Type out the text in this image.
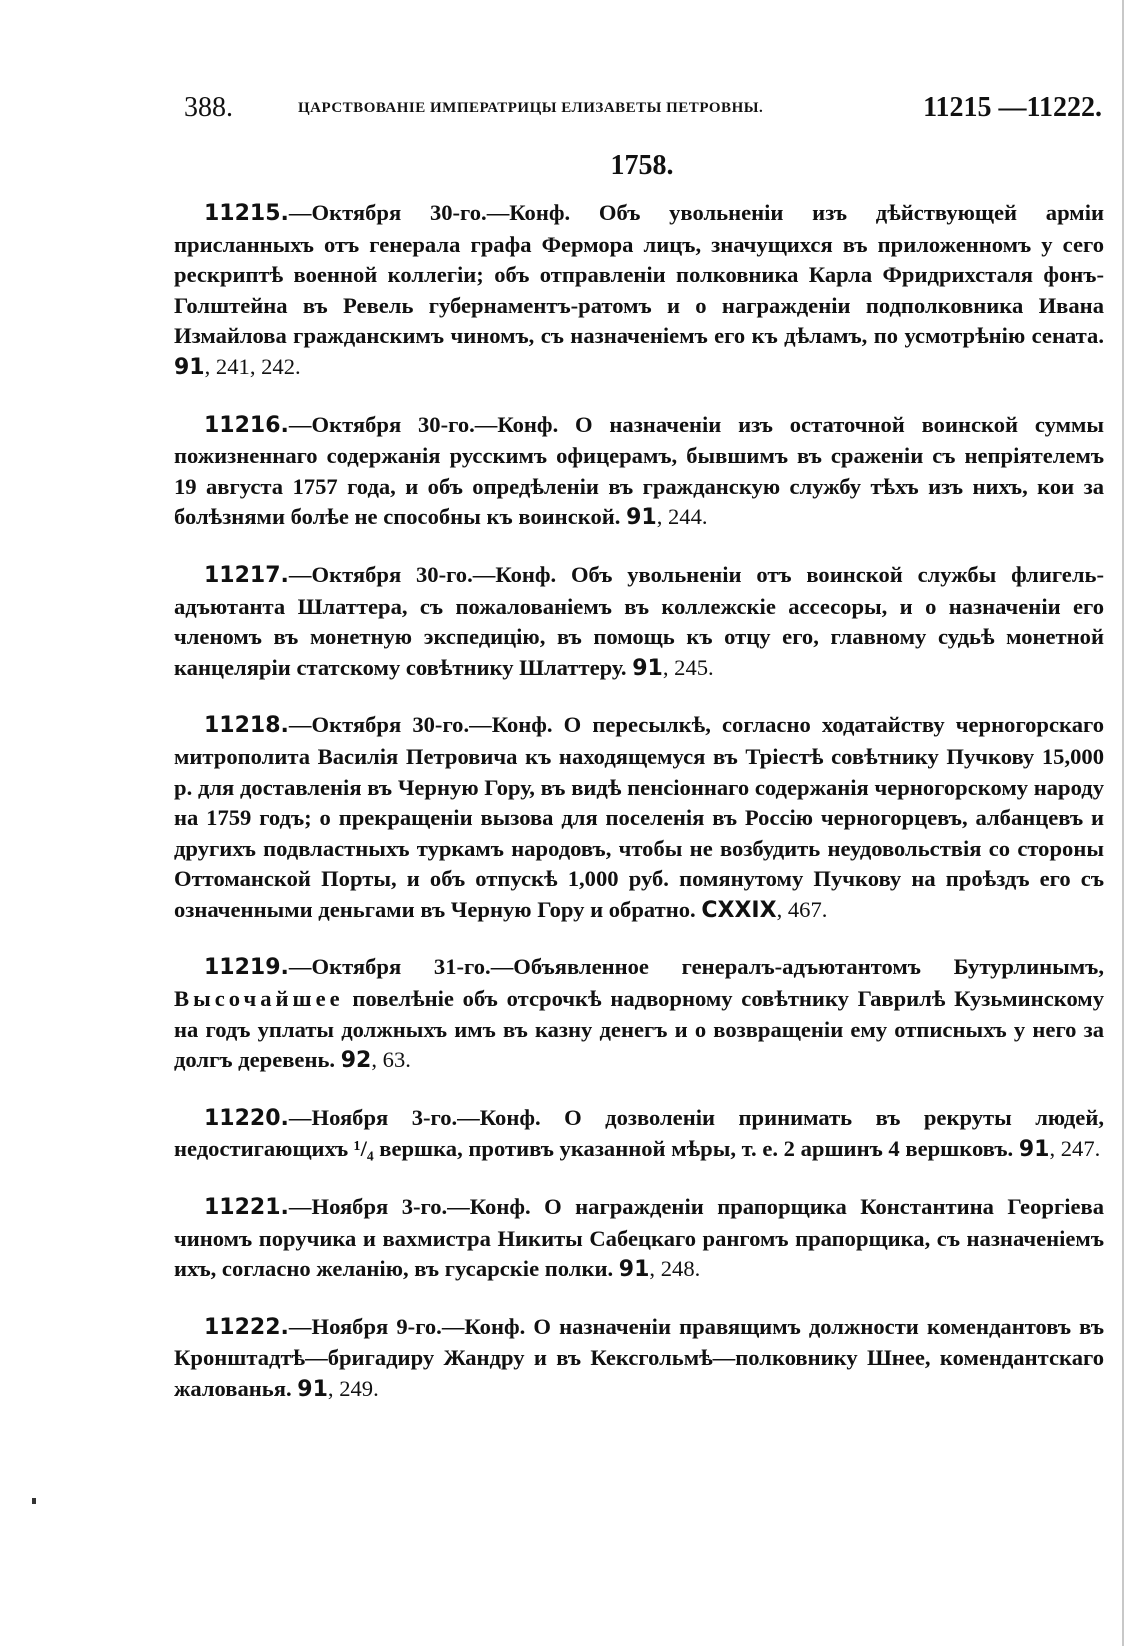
388.	ЦАРСТВОВАНІЕ ИМПЕРАТРИЦЫ ЕЛИЗАВЕТЫ ПЕТРОВНЫ.	11215 —11222.
1758.

11215.—Октября 30-го.—Конф. Объ увольненіи изъ дѣйствующей арміи присланныхъ отъ генерала графа Фермора лицъ, значущихся въ приложенномъ у сего рескриптѣ военной коллегіи; объ отправленіи полковника Карла Фридрихсталя фонъ-Голштейна въ Ревель губернаментъ-ратомъ и о награжденіи подполковника Ивана Измайлова гражданскимъ чиномъ, съ назначеніемъ его къ дѣламъ, по усмотрѣнію сената. 91, 241, 242.

11216.—Октября 30-го.—Конф. О назначеніи изъ остаточной воинской суммы пожизненнаго содержанія русскимъ офицерамъ, бывшимъ въ сраженіи съ непріятелемъ 19 августа 1757 года, и объ опредѣленіи въ гражданскую службу тѣхъ изъ нихъ, кои за болѣзнями болѣе не способны къ воинской. 91, 244.

11217.—Октября 30-го.—Конф. Объ увольненіи отъ воинской службы флигель-адъютанта Шлаттера, съ пожалованіемъ въ коллежскіе ассесоры, и о назначеніи его членомъ въ монетную экспедицію, въ помощь къ отцу его, главному судьѣ монетной канцеляріи статскому совѣтнику Шлаттеру. 91, 245.

11218.—Октября 30-го.—Конф. О пересылкѣ, согласно ходатайству черногорскаго митрополита Василія Петровича къ находящемуся въ Тріестѣ совѣтнику Пучкову 15,000 р. для доставленія въ Черную Гору, въ видѣ пенсіоннаго содержанія черногорскому народу на 1759 годъ; о прекращеніи вызова для поселенія въ Россію черногорцевъ, албанцевъ и другихъ подвластныхъ туркамъ народовъ, чтобы не возбудить неудовольствія со стороны Оттоманской Порты, и объ отпускѣ 1,000 руб. помянутому Пучкову на проѣздъ его съ означенными деньгами въ Черную Гору и обратно. CXXIX, 467.

11219.—Октября 31-го.—Объявленное генералъ-адъютантомъ Бутурлинымъ, Высочайшее повелѣніе объ отсрочкѣ надворному совѣтнику Гаврилѣ Кузьминскому на годъ уплаты должныхъ имъ въ казну денегъ и о возвращеніи ему отписныхъ у него за долгъ деревень. 92, 63.

11220.—Ноября 3-го.—Конф. О дозволеніи принимать въ рекруты людей, недостигающихъ ¹/₄ вершка, противъ указанной мѣры, т. е. 2 аршинъ 4 вершковъ. 91, 247.

11221.—Ноября 3-го.—Конф. О награжденіи прапорщика Константина Георгіева чиномъ поручика и вахмистра Никиты Сабецкаго рангомъ прапорщика, съ назначеніемъ ихъ, согласно желанію, въ гусарскіе полки. 91, 248.

11222.—Ноября 9-го.—Конф. О назначеніи правящимъ должности комендантовъ въ Кронштадтѣ—бригадиру Жандру и въ Кексгольмѣ—полковнику Шнее, комендантскаго жалованья. 91, 249.
